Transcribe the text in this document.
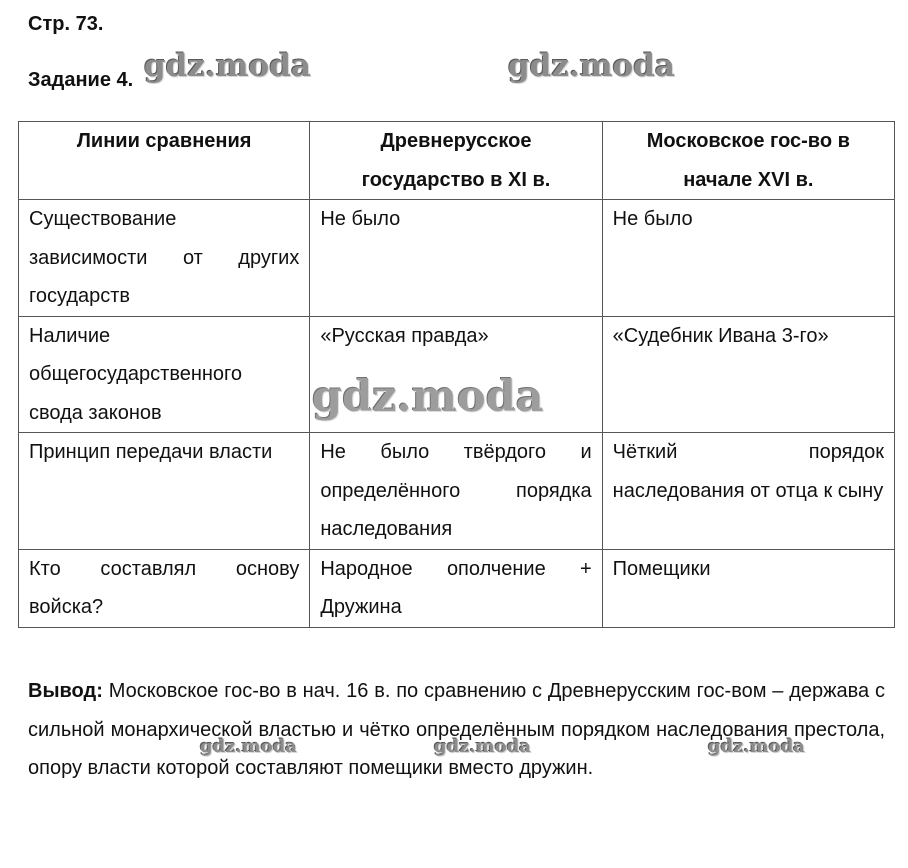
Стр. 73.
Задание 4. gdz.moda	gdz.moda
Линии сравнения	Древнерусское государство в XI в.	Московское гос-во в начале XVI в.
Существование зависимости от других государств	Не было	Не было
Наличие общегосударственного свода законов	«Русская правда»	«Судебник Ивана 3-го»
Принцип передачи власти	Не было твёрдого и определённого порядка наследования	Чёткий порядок наследования от отца к сыну
Кто составлял основу войска?	Народное ополчение + Дружина	Помещики
gdz.moda
Вывод: Московское гос-во в нач. 16 в. по сравнению с Древнерусским гос-вом – держава с сильной монархической властью и чётко определённым порядком наследования престола, опору власти которой составляют помещики вместо дружин.
gdz.moda	gdz.moda	gdz.moda
